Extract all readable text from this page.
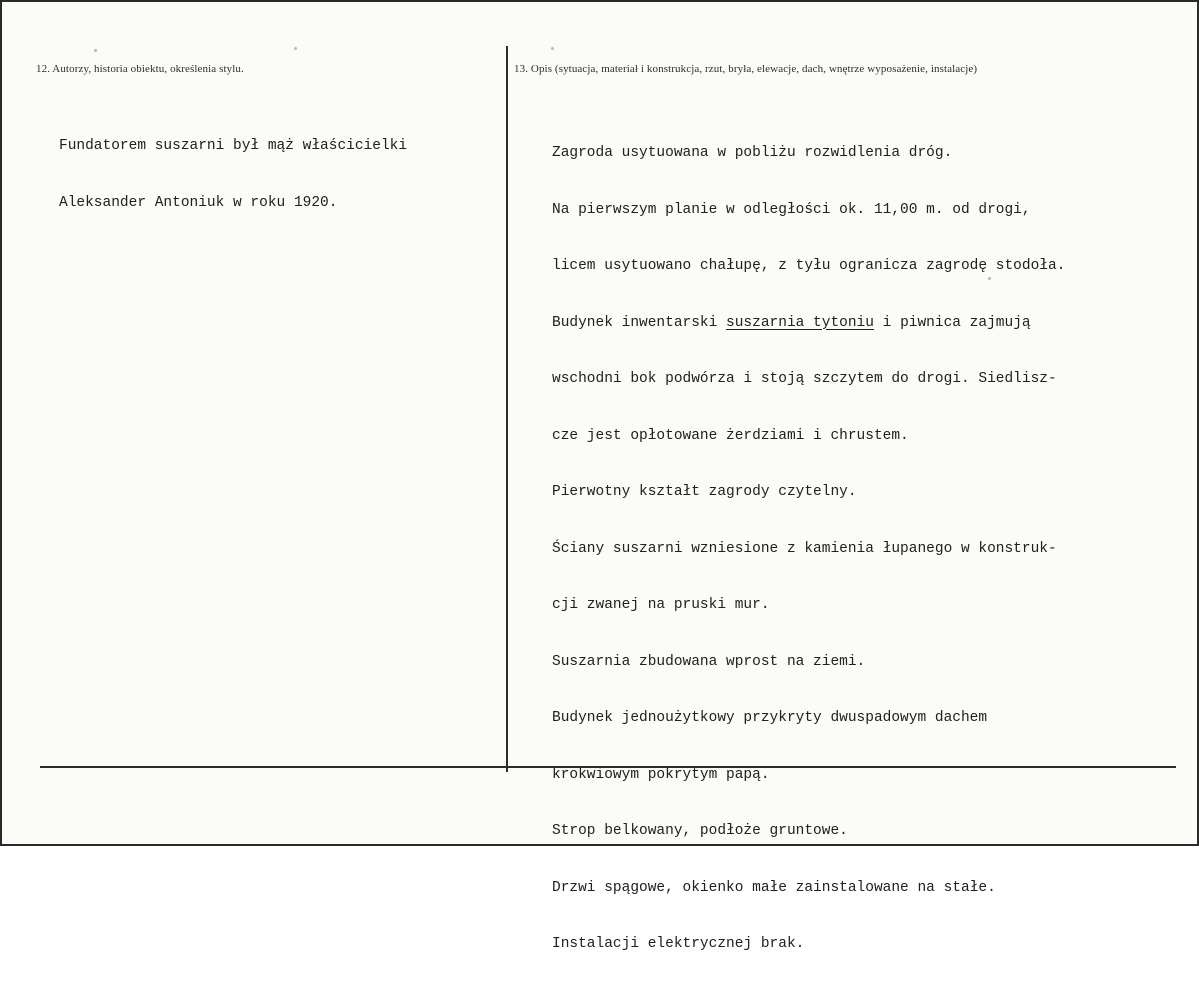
12. Autorzy, historia obiektu, określenia stylu.	13. Opis (sytuacja, materiał i konstrukcja, rzut, bryła, elewacje, dach, wnętrze wyposażenie, instalacje)

Fundatorem suszarni był mąż właścicielki

Aleksander Antoniuk w roku 1920.

Zagroda usytuowana w pobliżu rozwidlenia dróg.

Na pierwszym planie w odległości ok. 11,00 m. od drogi,

licem usytuowano chałupę, z tyłu ogranicza zagrodę stodoła.

Budynek inwentarski suszarnia tytoniu i piwnica zajmują

wschodni bok podwórza i stoją szczytem do drogi. Siedlisz-

cze jest opłotowane żerdziami i chrustem.

Pierwotny kształt zagrody czytelny.

Ściany suszarni wzniesione z kamienia łupanego w konstruk-

cji zwanej na pruski mur.

Suszarnia zbudowana wprost na ziemi.

Budynek jednoużytkowy przykryty dwuspadowym dachem

krokwiowym pokrytym papą.

Strop belkowany, podłoże gruntowe.

Drzwi spągowe, okienko małe zainstalowane na stałe.

Instalacji elektrycznej brak.
